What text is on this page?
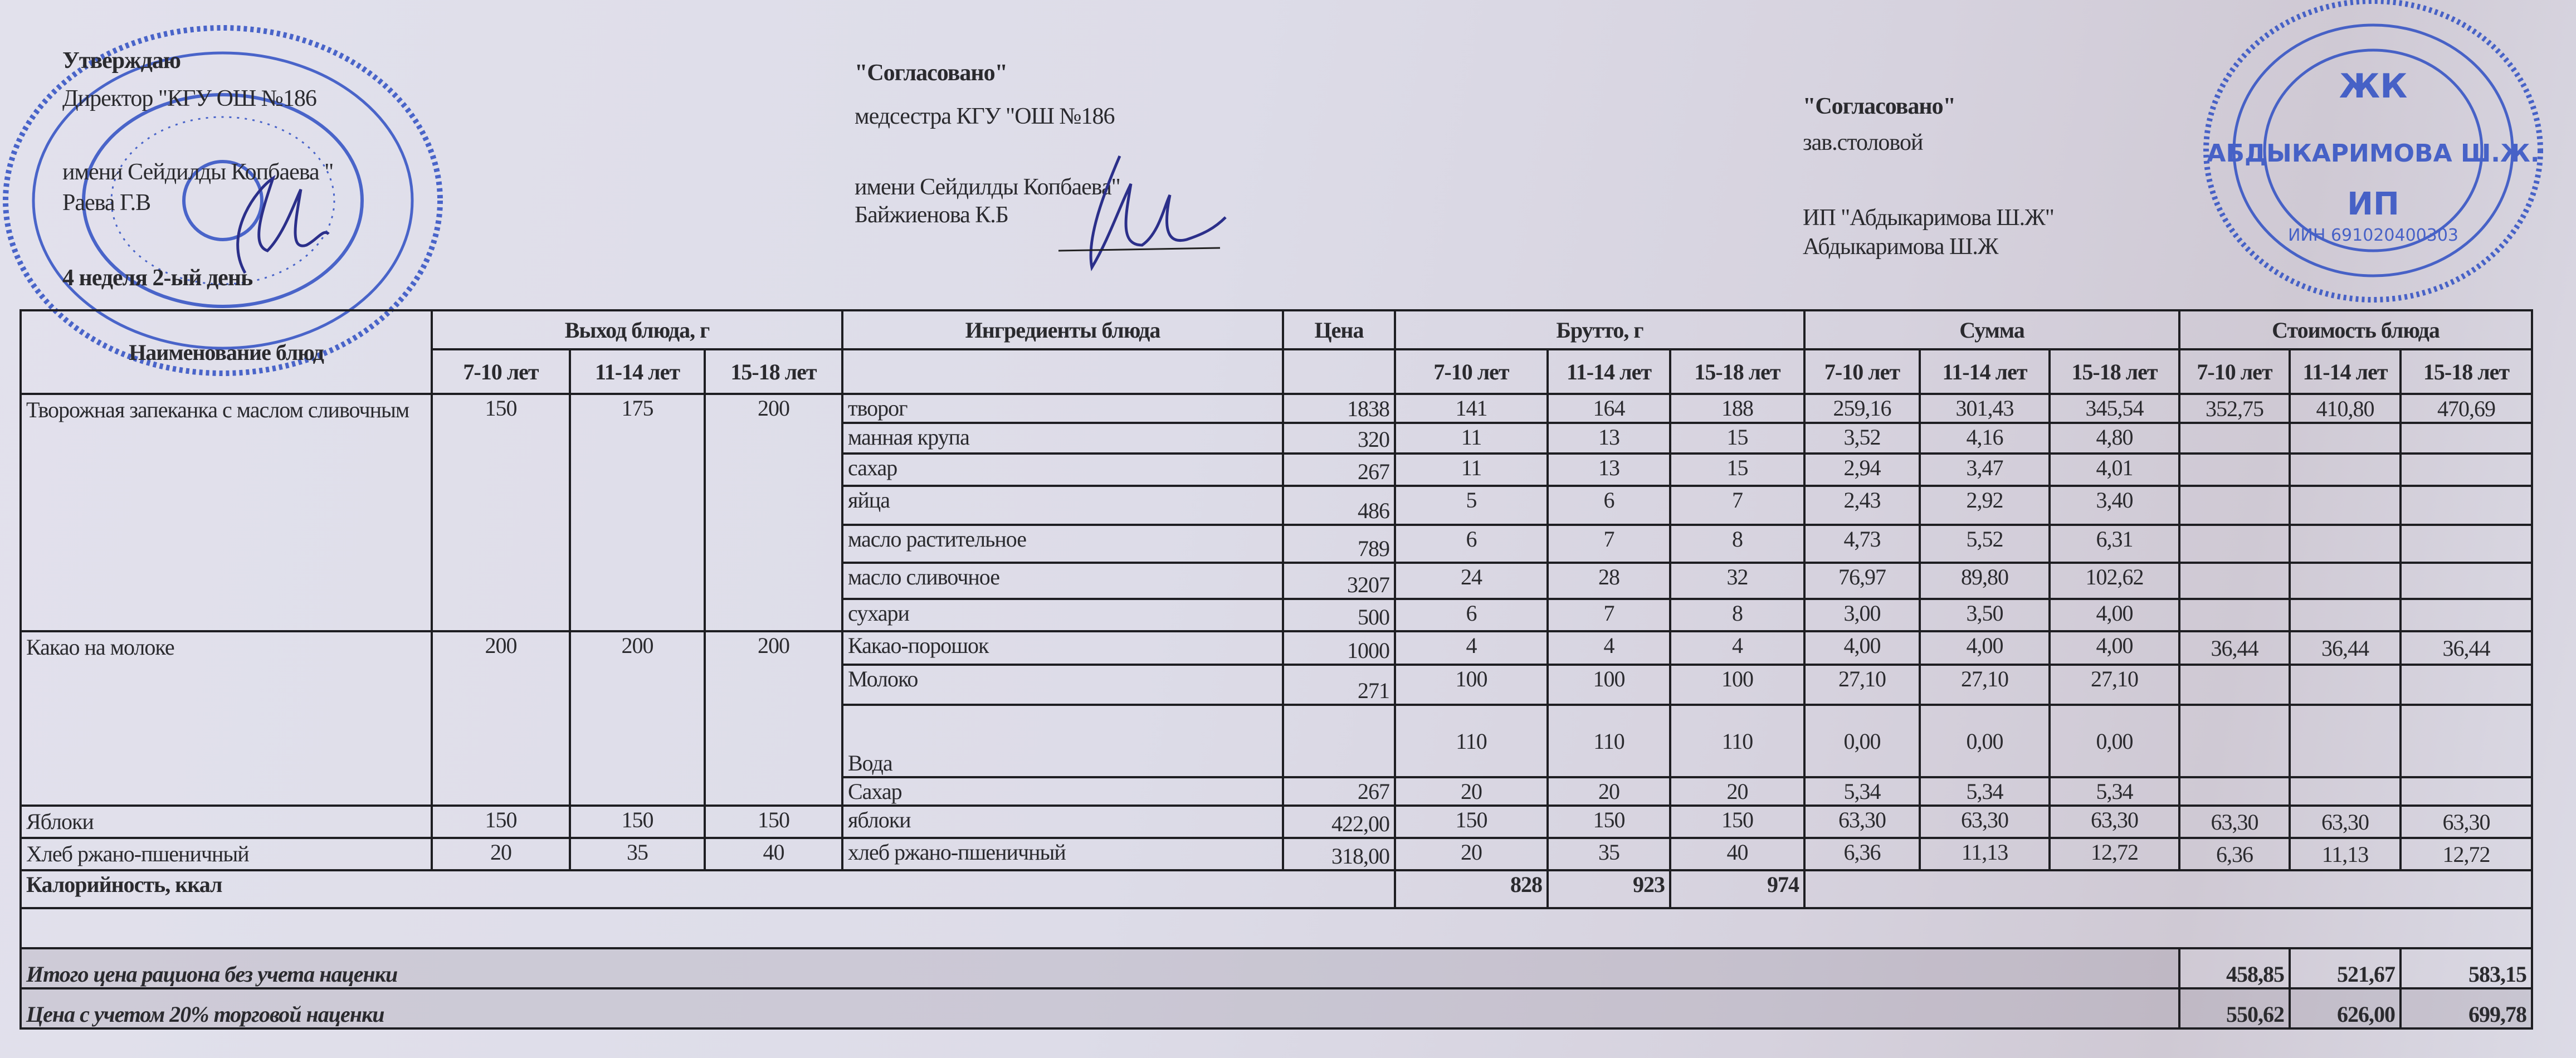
ЖК
АБДЫКАРИМОВА Ш.Ж.
ИП
ИИН 691020400303
Утверждаю
Директор "КГУ ОШ №186
имени Сейдилды Копбаева "
Раева Г.В
4 неделя 2-ый день
"Согласовано"
медсестра КГУ "ОШ №186
имени Сейдилды Копбаева"
Байжиенова К.Б
"Согласовано"
зав.столовой
ИП "Абдыкаримова Ш.Ж"
Абдыкаримова Ш.Ж
Наименование блюд	Выход блюда, г			Ингредиенты блюда	Цена	Брутто, г			Сумма			Стоимость блюда		
	7-10 лет	11-14 лет	15-18 лет			7-10 лет	11-14 лет	15-18 лет	7-10 лет	11-14 лет	15-18 лет	7-10 лет	11-14 лет	15-18 лет
Творожная запеканка с маслом сливочным	150	175	200	творог	1838	141	164	188	259,16	301,43	345,54	352,75	410,80	470,69
				манная крупа	320	11	13	15	3,52	4,16	4,80			
				сахар	267	11	13	15	2,94	3,47	4,01			
				яйца	486	5	6	7	2,43	2,92	3,40			
				масло растительное	789	6	7	8	4,73	5,52	6,31			
				масло сливочное	3207	24	28	32	76,97	89,80	102,62			
				сухари	500	6	7	8	3,00	3,50	4,00			
Какао на молоке	200	200	200	Какао-порошок	1000	4	4	4	4,00	4,00	4,00	36,44	36,44	36,44
				Молоко	271	100	100	100	27,10	27,10	27,10			
				Вода		110	110	110	0,00	0,00	0,00			
				Сахар	267	20	20	20	5,34	5,34	5,34			
Яблоки	150	150	150	яблоки	422,00	150	150	150	63,30	63,30	63,30	63,30	63,30	63,30
Хлеб ржано-пшеничный	20	35	40	хлеб ржано-пшеничный	318,00	20	35	40	6,36	11,13	12,72	6,36	11,13	12,72
Калорийность, ккал						828	923	974						

Итого цена рациона без учета наценки												458,85	521,67	583,15
Цена с учетом 20% торговой наценки												550,62	626,00	699,78
